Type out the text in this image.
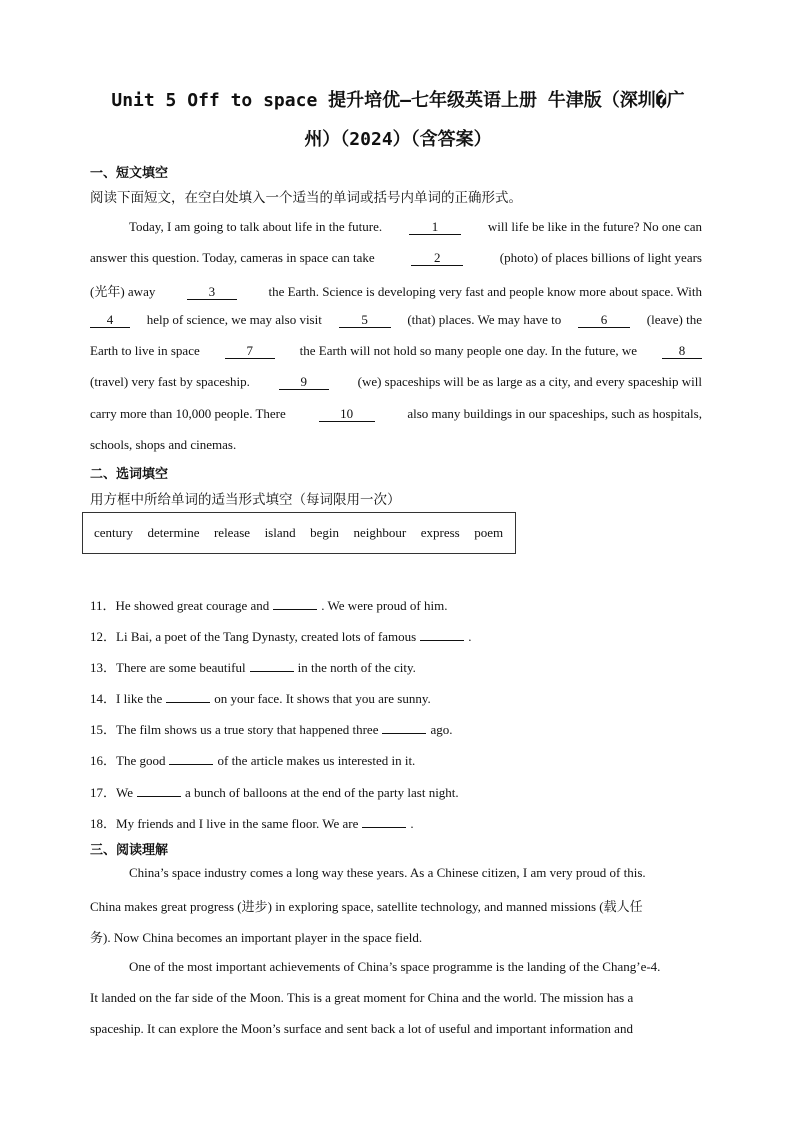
Unit 5 Off to space 提升培优—七年级英语上册 牛津版（深圳�广
州）（2024）（含答案）
一、短文填空
阅读下面短文，在空白处填入一个适当的单词或括号内单词的正确形式。
Today, I am going to talk about life in the future.	1	will life be like in the future? No one can
answer this question. Today, cameras in space can take	2	(photo) of places billions of light years
(光年) away	3	the Earth. Science is developing very fast and people know more about space. With
4	help of science, we may also visit	5	(that) places. We may have to	6	(leave) the
Earth to live in space	7	the Earth will not hold so many people one day. In the future, we	8
(travel) very fast by spaceship.	9	(we) spaceships will be as large as a city, and every spaceship will
carry more than 10,000 people. There	10	also many buildings in our spaceships, such as hospitals,
schools, shops and cinemas.
二、选词填空
用方框中所给单词的适当形式填空（每词限用一次）
century determine release island begin neighbour express poem
11．He showed great courage and	. We were proud of him.
12．Li Bai, a poet of the Tang Dynasty, created lots of famous	.
13．There are some beautiful	in the north of the city.
14．I like the	on your face. It shows that you are sunny.
15．The film shows us a true story that happened three	ago.
16．The good	of the article makes us interested in it.
17．We	a bunch of balloons at the end of the party last night.
18．My friends and I live in the same floor. We are	.
三、阅读理解
China’s space industry comes a long way these years. As a Chinese citizen, I am very proud of this.
China makes great progress (进步) in exploring space, satellite technology, and manned missions (载人任
务). Now China becomes an important player in the space field.
One of the most important achievements of China’s space programme is the landing of the Chang’e-4.
It landed on the far side of the Moon. This is a great moment for China and the world. The mission has a
spaceship. It can explore the Moon’s surface and sent back a lot of useful and important information and
